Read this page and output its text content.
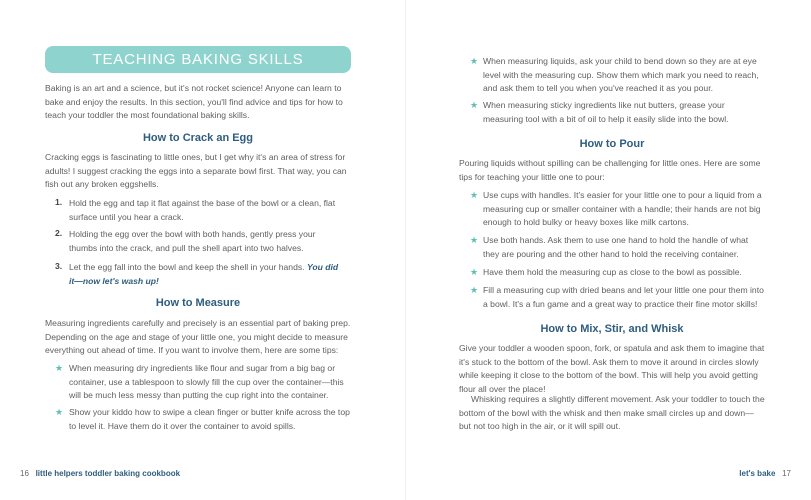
TEACHING BAKING SKILLS

Baking is an art and a science, but it's not rocket science! Anyone can learn to bake and enjoy the results. In this section, you'll find advice and tips for how to teach your toddler the most foundational baking skills.

How to Crack an Egg

Cracking eggs is fascinating to little ones, but I get why it's an area of stress for adults! I suggest cracking the eggs into a separate bowl first. That way, you can fish out any broken eggshells.

1. Hold the egg and tap it flat against the base of the bowl or a clean, flat surface until you hear a crack.
2. Holding the egg over the bowl with both hands, gently press your thumbs into the crack, and pull the shell apart into two halves.
3. Let the egg fall into the bowl and keep the shell in your hands. You did it—now let's wash up!

How to Measure

Measuring ingredients carefully and precisely is an essential part of baking prep. Depending on the age and stage of your little one, you might decide to measure everything out ahead of time. If you want to involve them, here are some tips:

★ When measuring dry ingredients like flour and sugar from a big bag or container, use a tablespoon to slowly fill the cup over the container—this will be much less messy than putting the cup right into the container.
★ Show your kiddo how to swipe a clean finger or butter knife across the top to level it. Have them do it over the container to avoid spills.
16 little helpers toddler baking cookbook
★ When measuring liquids, ask your child to bend down so they are at eye level with the measuring cup. Show them which mark you need to reach, and ask them to tell you when you've reached it as you pour.
★ When measuring sticky ingredients like nut butters, grease your measuring tool with a bit of oil to help it easily slide into the bowl.

How to Pour

Pouring liquids without spilling can be challenging for little ones. Here are some tips for teaching your little one to pour:

★ Use cups with handles. It's easier for your little one to pour a liquid from a measuring cup or smaller container with a handle; their hands are not big enough to hold bulky or heavy boxes like milk cartons.
★ Use both hands. Ask them to use one hand to hold the handle of what they are pouring and the other hand to hold the receiving container.
★ Have them hold the measuring cup as close to the bowl as possible.
★ Fill a measuring cup with dried beans and let your little one pour them into a bowl. It's a fun game and a great way to practice their fine motor skills!

How to Mix, Stir, and Whisk

Give your toddler a wooden spoon, fork, or spatula and ask them to imagine that it's stuck to the bottom of the bowl. Ask them to move it around in circles slowly while keeping it close to the bottom of the bowl. This will help you avoid getting flour all over the place!

Whisking requires a slightly different movement. Ask your toddler to touch the bottom of the bowl with the whisk and then make small circles up and down—but not too high in the air, or it will spill out.

let's bake 17
